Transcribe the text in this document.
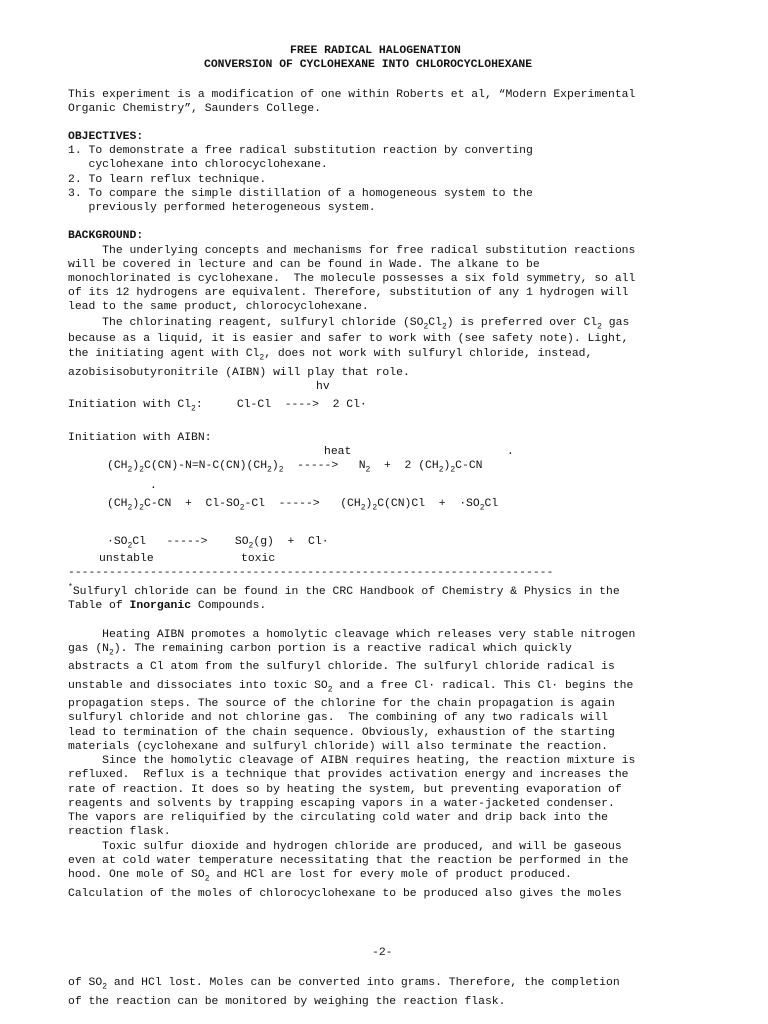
FREE RADICAL HALOGENATION
CONVERSION OF CYCLOHEXANE INTO CHLOROCYCLOHEXANE
This experiment is a modification of one within Roberts et al, “Modern Experimental
Organic Chemistry”, Saunders College.
OBJECTIVES:
1. To demonstrate a free radical substitution reaction by converting
cyclohexane into chlorocyclohexane.
2. To learn reflux technique.
3. To compare the simple distillation of a homogeneous system to the
previously performed heterogeneous system.
BACKGROUND:
The underlying concepts and mechanisms for free radical substitution reactions
will be covered in lecture and can be found in Wade. The alkane to be
monochlorinated is cyclohexane.  The molecule possesses a six fold symmetry, so all
of its 12 hydrogens are equivalent. Therefore, substitution of any 1 hydrogen will
lead to the same product, chlorocyclohexane.
The chlorinating reagent, sulfuryl chloride $(SO_2Cl_2)$ is preferred over $Cl_2$ gas
because as a liquid, it is easier and safer to work with (see safety note). Light,
the initiating agent with $Cl_2$, does not work with sulfuryl chloride, instead,
azobisisobutyronitrile (AIBN) will play that role.
hv
Initiation with $Cl_2$:     Cl-Cl  ---->  2 Cl·
Initiation with AIBN:
heat	.
$(CH_2)_2C(CN)-N=N-C(CN)(CH_2)_2$  ----->   $N_2 + 2$ $(CH_2)_2C-CN$
.
$(CH_2)_2C-CN + Cl-SO_2-Cl$  ----->   $(CH_2)_2C(CN)Cl + \cdot SO_2Cl$
$\cdot SO_2Cl$   ----->    $SO_2(g) + Cl\cdot$
unstable	toxic
-----------------------------------------------------------------------
*Sulfuryl chloride can be found in the CRC Handbook of Chemistry & Physics in the
Table of Inorganic Compounds.
Heating AIBN promotes a homolytic cleavage which releases very stable nitrogen
gas $(N_2)$. The remaining carbon portion is a reactive radical which quickly
abstracts a Cl atom from the sulfuryl chloride. The sulfuryl chloride radical is
unstable and dissociates into toxic $SO_2$ and a free Cl· radical. This Cl· begins the
propagation steps. The source of the chlorine for the chain propagation is again
sulfuryl chloride and not chlorine gas.  The combining of any two radicals will
lead to termination of the chain sequence. Obviously, exhaustion of the starting
materials (cyclohexane and sulfuryl chloride) will also terminate the reaction.
Since the homolytic cleavage of AIBN requires heating, the reaction mixture is
refluxed.  Reflux is a technique that provides activation energy and increases the
rate of reaction. It does so by heating the system, but preventing evaporation of
reagents and solvents by trapping escaping vapors in a water-jacketed condenser.
The vapors are reliquified by the circulating cold water and drip back into the
reaction flask.
Toxic sulfur dioxide and hydrogen chloride are produced, and will be gaseous
even at cold water temperature necessitating that the reaction be performed in the
hood. One mole of $SO_2$ and HCl are lost for every mole of product produced.
Calculation of the moles of chlorocyclohexane to be produced also gives the moles
-2-
of $SO_2$ and HCl lost. Moles can be converted into grams. Therefore, the completion
of the reaction can be monitored by weighing the reaction flask.
